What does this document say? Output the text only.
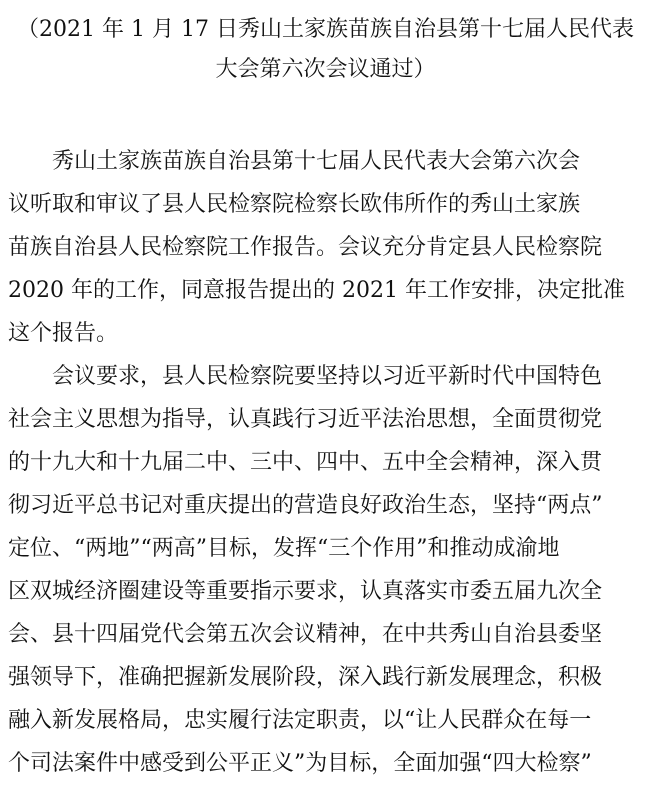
（2021 年 1 月 17 日秀山土家族苗族自治县第十七届人民代表
大会第六次会议通过）
秀山土家族苗族自治县第十七届人民代表大会第六次会
议听取和审议了县人民检察院检察长欧伟所作的秀山土家族
苗族自治县人民检察院工作报告。会议充分肯定县人民检察院
2020 年的工作，同意报告提出的 2021 年工作安排，决定批准
这个报告。
会议要求，县人民检察院要坚持以习近平新时代中国特色
社会主义思想为指导，认真践行习近平法治思想，全面贯彻党
的十九大和十九届二中、三中、四中、五中全会精神，深入贯
彻习近平总书记对重庆提出的营造良好政治生态，坚持“两点”
定位、“两地”“两高”目标，发挥“三个作用”和推动成渝地
区双城经济圈建设等重要指示要求，认真落实市委五届九次全
会、县十四届党代会第五次会议精神，在中共秀山自治县委坚
强领导下，准确把握新发展阶段，深入践行新发展理念，积极
融入新发展格局，忠实履行法定职责，以“让人民群众在每一
个司法案件中感受到公平正义”为目标，全面加强“四大检察”
